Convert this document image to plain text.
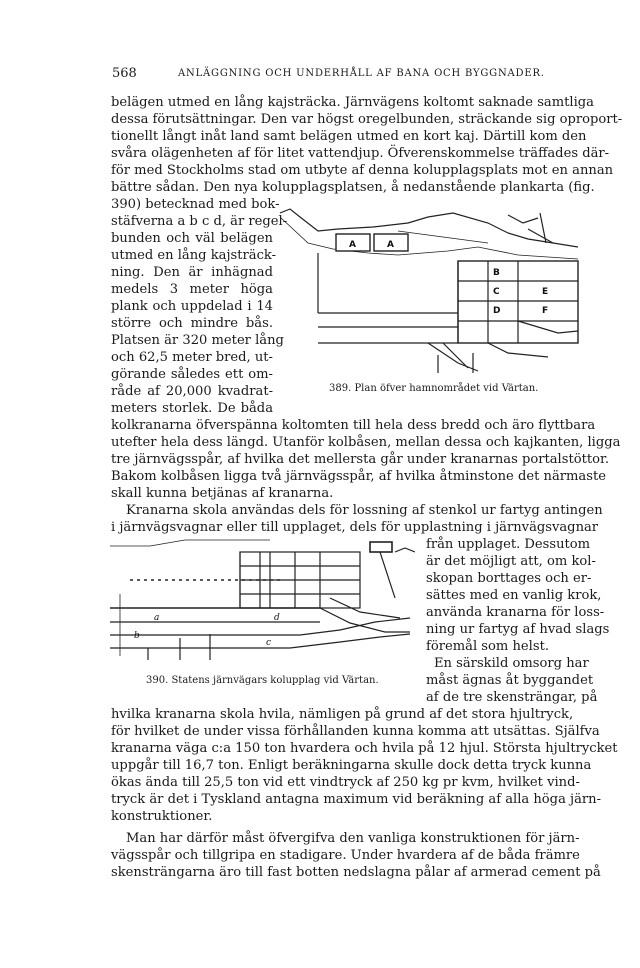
568	ANLÄGGNING OCH UNDERHÅLL AF BANA OCH BYGGNADER.
belägen utmed en lång kajsträcka. Järnvägens koltomt saknade samtliga
dessa förutsättningar. Den var högst oregelbunden, sträckande sig oproport-
tionellt långt inåt land samt belägen utmed en kort kaj. Därtill kom den
svåra olägenheten af för litet vattendjup. Öfverenskommelse träffades där-
för med Stockholms stad om utbyte af denna kolupplagsplats mot en annan
bättre sådan. Den nya kolupplagsplatsen, å nedanstående plankarta (fig.
390) betecknad med bok-
stäfverna a b c d, är regel-
bunden och väl belägen
utmed en lång kajsträck-
ning. Den är inhägnad
medels 3 meter höga
plank och uppdelad i 14
större och mindre bås.
Platsen är 320 meter lång
och 62,5 meter bred, ut-
görande således ett om-
råde af 20,000 kvadrat-
meters storlek. De båda
A	A
B
C	E
D	F
389. Plan öfver hamnområdet vid Värtan.
kolkranarna öfverspänna koltomten till hela dess bredd och äro flyttbara
utefter hela dess längd. Utanför kolbåsen, mellan dessa och kajkanten, ligga
tre järnvägsspår, af hvilka det mellersta går under kranarnas portalstöttor.
Bakom kolbåsen ligga två järnvägsspår, af hvilka åtminstone det närmaste
skall kunna betjänas af kranarna.
Kranarna skola användas dels för lossning af stenkol ur fartyg antingen
i järnvägsvagnar eller till upplaget, dels för upplastning i järnvägsvagnar
a
b
c
d
390. Statens järnvägars kolupplag vid Värtan.
från upplaget. Dessutom
är det möjligt att, om kol-
skopan borttages och er-
sättes med en vanlig krok,
använda kranarna för loss-
ning ur fartyg af hvad slags
föremål som helst.
En särskild omsorg har
måst ägnas åt byggandet
af de tre skensträngar, på
hvilka kranarna skola hvila, nämligen på grund af det stora hjultryck,
för hvilket de under vissa förhållanden kunna komma att utsättas. Själfva
kranarna väga c:a 150 ton hvardera och hvila på 12 hjul. Största hjultrycket
uppgår till 16,7 ton. Enligt beräkningarna skulle dock detta tryck kunna
ökas ända till 25,5 ton vid ett vindtryck af 250 kg pr kvm, hvilket vind-
tryck är det i Tyskland antagna maximum vid beräkning af alla höga järn-
konstruktioner.
Man har därför måst öfvergifva den vanliga konstruktionen för järn-
vägsspår och tillgripa en stadigare. Under hvardera af de båda främre
skensträngarna äro till fast botten nedslagna pålar af armerad cement på
